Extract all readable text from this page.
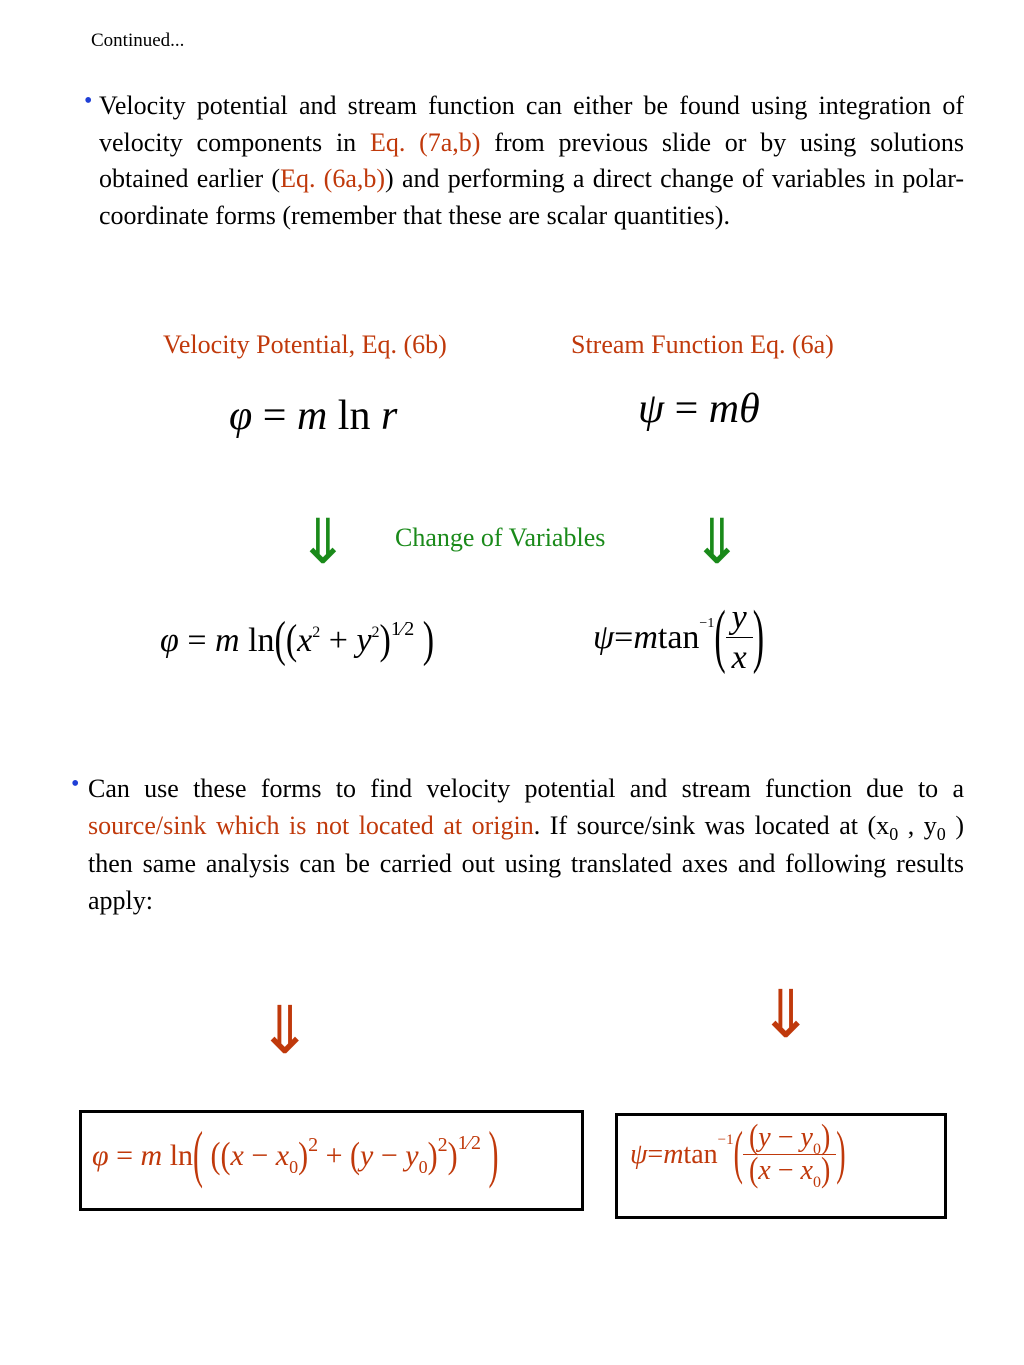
Continued...
• Velocity potential and stream function can either be found using integration of velocity components in Eq. (7a,b) from previous slide or by using solutions obtained earlier (Eq. (6a,b)) and performing a direct change of variables in polar-coordinate forms (remember that these are scalar quantities).
Velocity Potential, Eq. (6b)	Stream Function Eq. (6a)
φ = m ln r	ψ = mθ
⇓ Change of Variables ⇓
φ = m $\ln((x^2 + y^2)^{1⁄2}$ )	ψ = m tan −1 ( $\frac{y}{x}$ )
• Can use these forms to find velocity potential and stream function due to a source/sink which is not located at origin. If source/sink was located at ($x_0$ , $y_0$ ) then same analysis can be carried out using translated axes and following results apply:
⇓	⇓
φ = m ln( $((x - x_0)^2 + (y - y_0)^2)^{1⁄2}$ )	ψ = m tan −1 ( $\frac{(y - y_0)}{(x - x_0)}$ )
